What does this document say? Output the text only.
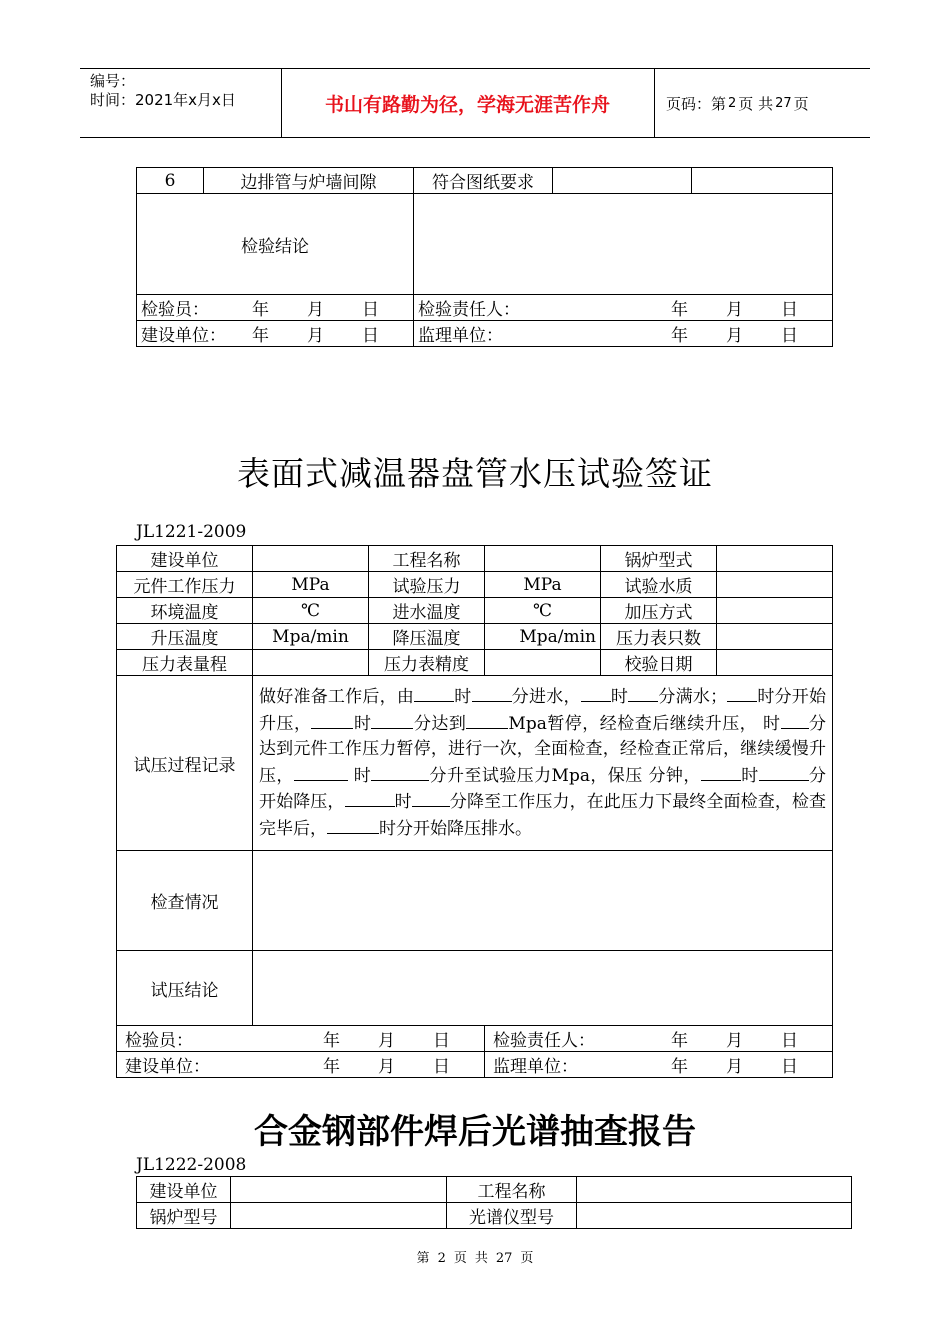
编号：
时间：2021年x月x日	书山有路勤为径，学海无涯苦作舟	页码：第 2 页 共 27 页
6	边排管与炉墙间隙	符合图纸要求		
检验结论				

检验员： 年 月 日		检验责任人： 年 月 日		

建设单位： 年 月 日		监理单位： 年 月 日		
表面式减温器盘管水压试验签证
JL1221-2009
建设单位		工程名称		锅炉型式	
元件工作压力	MPa	试验压力	MPa	试验水质	
环境温度	℃	进水温度	℃	加压方式	
升压温度	Mpa/min	降压温度	Mpa/min	压力表只数	
压力表量程		压力表精度		校验日期	
试压过程记录	做好准备工作后，由 时 分进水， 时 分满水； 时分开始升压， 时 分达到 Mpa暂停，经检查后继续升压， 时 分达到元件工作压力暂停，进行一次，全面检查，经检查正常后，继续缓慢升压， 时 分升至试验压力Mpa，保压 分钟， 时 分开始降压， 时 分降至工作压力，在此压力下最终全面检查，检查完毕后， 时分开始降压排水。				
检查情况					
试压结论					

检验员： 年 月 日			检验责任人： 年 月 日		

建设单位： 年 月 日			监理单位： 年 月 日		
合金钢部件焊后光谱抽查报告
JL1222-2008
建设单位		工程名称	
锅炉型号		光谱仪型号	
第 2 页 共 27 页
